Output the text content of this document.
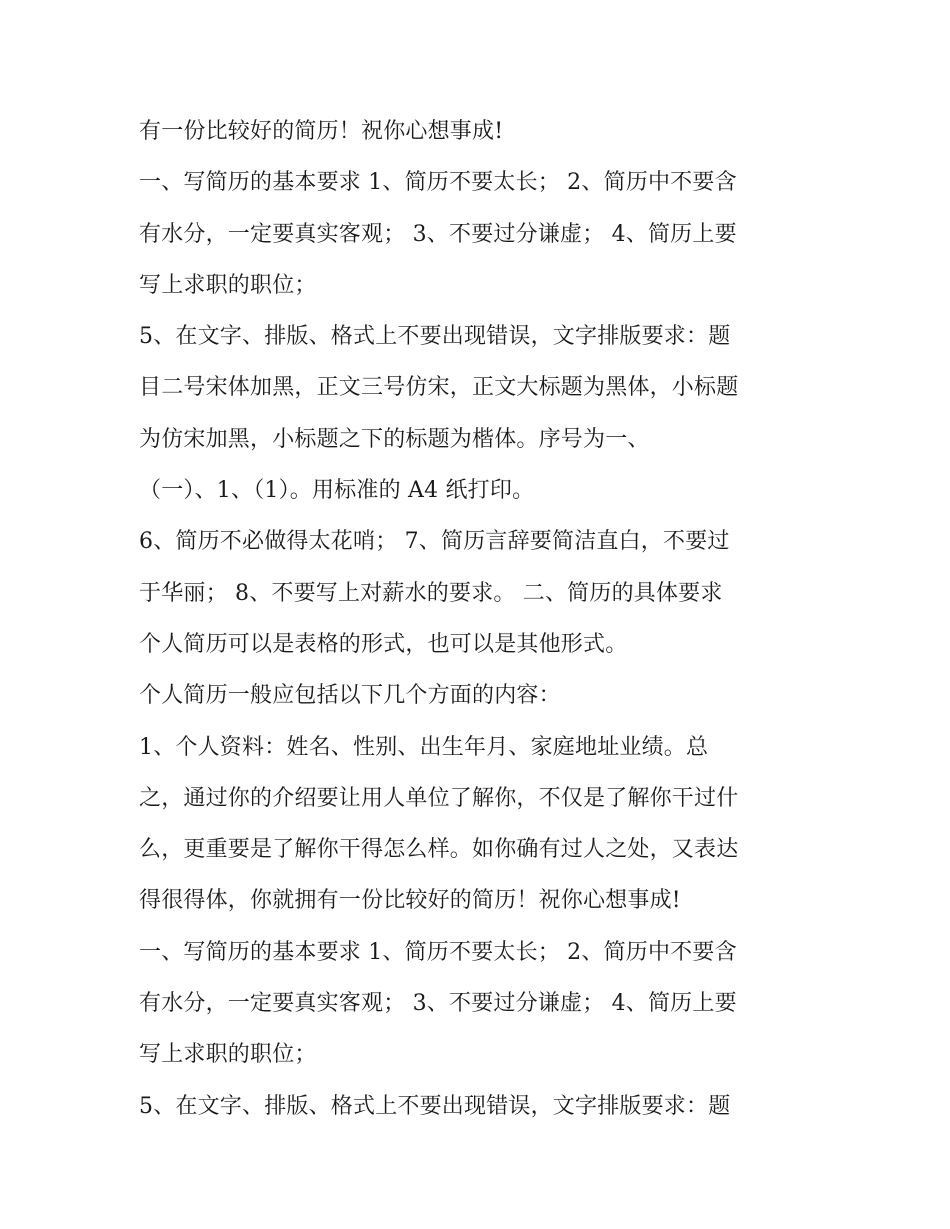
有一份比较好的简历！祝你心想事成!
一、写简历的基本要求 1、简历不要太长； 2、简历中不要含
有水分，一定要真实客观； 3、不要过分谦虚； 4、简历上要
写上求职的职位；
5、在文字、排版、格式上不要出现错误，文字排版要求：题
目二号宋体加黑，正文三号仿宋，正文大标题为黑体，小标题
为仿宋加黑，小标题之下的标题为楷体。序号为一、
（一）、1、（1）。用标准的 A4 纸打印。
6、简历不必做得太花哨； 7、简历言辞要简洁直白，不要过
于华丽； 8、不要写上对薪水的要求。 二、简历的具体要求
个人简历可以是表格的形式，也可以是其他形式。
个人简历一般应包括以下几个方面的内容：
1、个人资料：姓名、性别、出生年月、家庭地址业绩。总
之，通过你的介绍要让用人单位了解你，不仅是了解你干过什
么，更重要是了解你干得怎么样。如你确有过人之处，又表达
得很得体，你就拥有一份比较好的简历！祝你心想事成!
一、写简历的基本要求 1、简历不要太长； 2、简历中不要含
有水分，一定要真实客观； 3、不要过分谦虚； 4、简历上要
写上求职的职位；
5、在文字、排版、格式上不要出现错误，文字排版要求：题
